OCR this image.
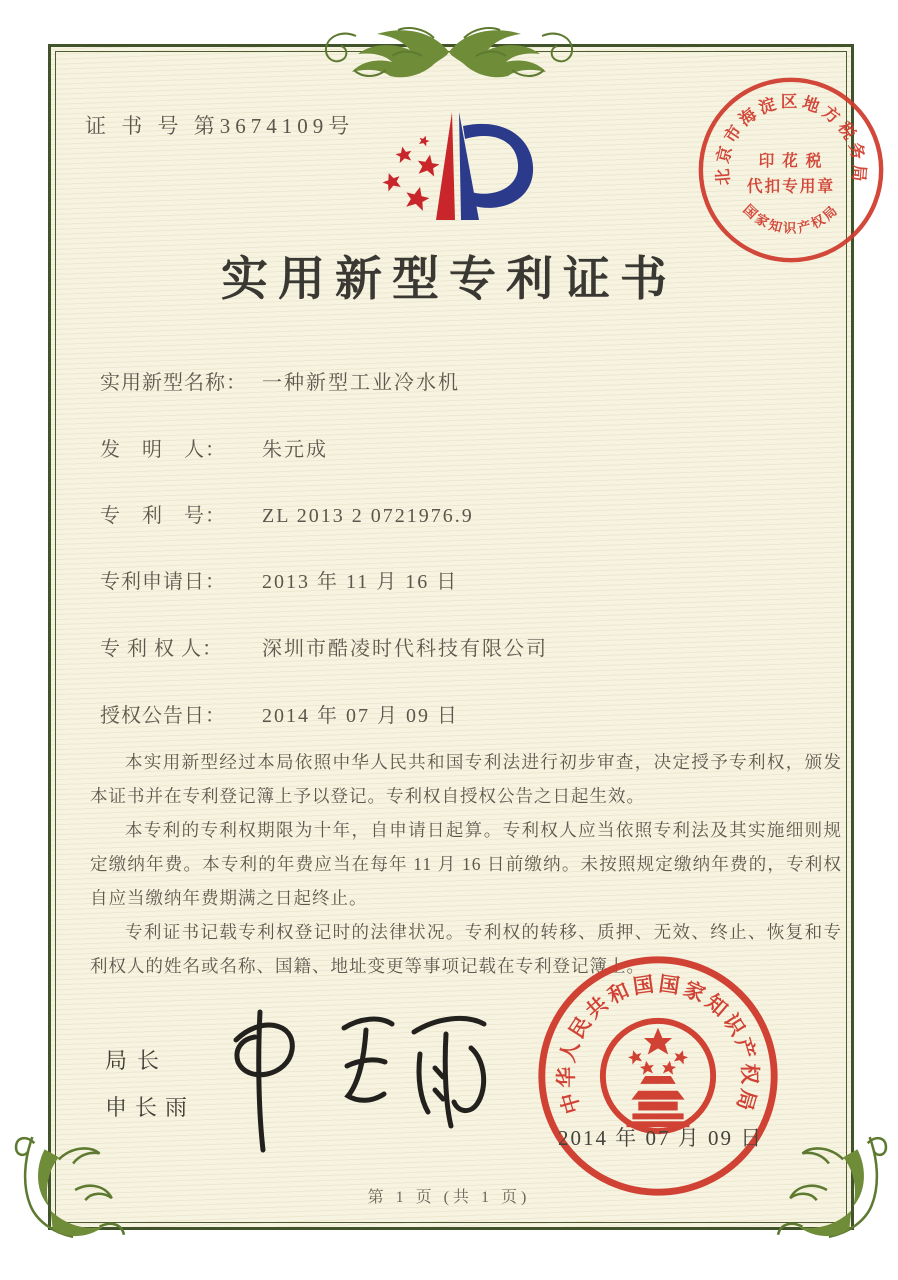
证 书 号 第3674109号
北京市海淀区地方税务局
国家知识产权局
印 花 税
代扣专用章
实用新型专利证书
实用新型名称： 一种新型工业冷水机
发　明　人： 朱元成
专　利　号： ZL 2013 2 0721976.9
专利申请日： 2013 年 11 月 16 日
专 利 权 人： 深圳市酷凌时代科技有限公司
授权公告日： 2014 年 07 月 09 日

本实用新型经过本局依照中华人民共和国专利法进行初步审查，决定授予专利权，颁发本证书并在专利登记簿上予以登记。专利权自授权公告之日起生效。

本专利的专利权期限为十年，自申请日起算。专利权人应当依照专利法及其实施细则规定缴纳年费。本专利的年费应当在每年 11 月 16 日前缴纳。未按照规定缴纳年费的，专利权自应当缴纳年费期满之日起终止。

专利证书记载专利权登记时的法律状况。专利权的转移、质押、无效、终止、恢复和专利权人的姓名或名称、国籍、地址变更等事项记载在专利登记簿上。

局长
申长雨	中华人民共和国国家知识产权局
2014 年 07 月 09 日
第 1 页 (共 1 页)
